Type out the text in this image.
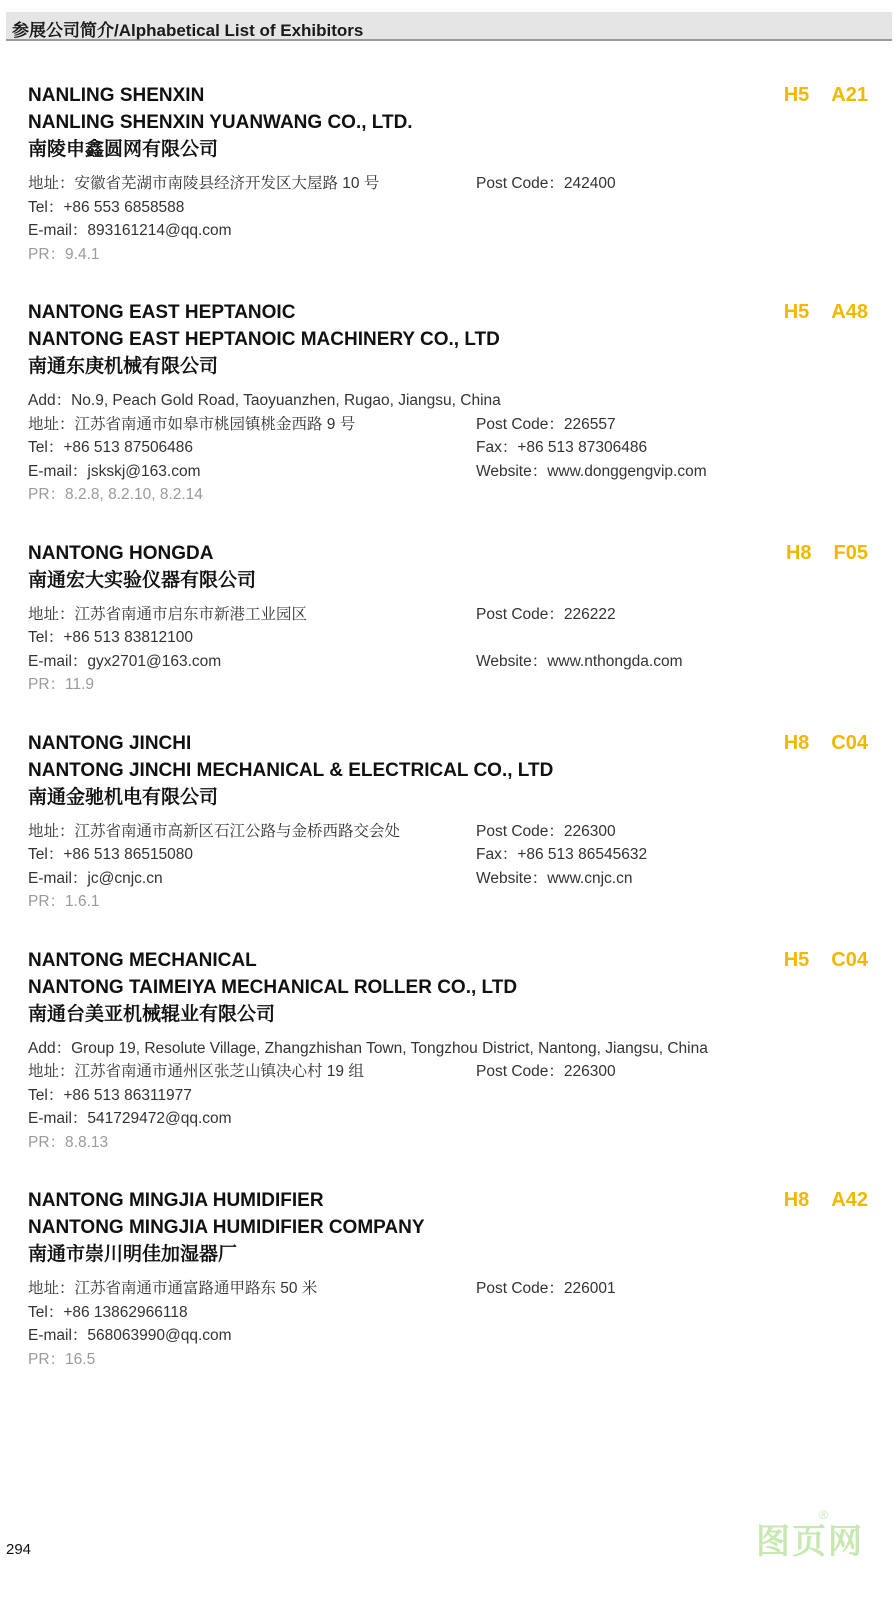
参展公司简介/Alphabetical List of Exhibitors
NANLING SHENXIN
NANLING SHENXIN YUANWANG CO., LTD.
南陵申鑫圆网有限公司
H5 A21
地址：安徽省芜湖市南陵县经济开发区大屋路 10 号	Post Code：242400
Tel：+86 553 6858588
E-mail：893161214@qq.com
PR：9.4.1
NANTONG EAST HEPTANOIC
NANTONG EAST HEPTANOIC MACHINERY CO., LTD
南通东庚机械有限公司
H5 A48
Add：No.9, Peach Gold Road, Taoyuanzhen, Rugao, Jiangsu, China
地址：江苏省南通市如皋市桃园镇桃金西路 9 号	Post Code：226557
Tel：+86 513 87506486	Fax：+86 513 87306486
E-mail：jskskj@163.com	Website：www.donggengvip.com
PR：8.2.8, 8.2.10, 8.2.14
NANTONG HONGDA
南通宏大实验仪器有限公司
H8 F05
地址：江苏省南通市启东市新港工业园区	Post Code：226222
Tel：+86 513 83812100
E-mail：gyx2701@163.com	Website：www.nthongda.com
PR：11.9
NANTONG JINCHI
NANTONG JINCHI MECHANICAL & ELECTRICAL CO., LTD
南通金驰机电有限公司
H8 C04
地址：江苏省南通市高新区石江公路与金桥西路交会处	Post Code：226300
Tel：+86 513 86515080	Fax：+86 513 86545632
E-mail：jc@cnjc.cn	Website：www.cnjc.cn
PR：1.6.1
NANTONG MECHANICAL
NANTONG TAIMEIYA MECHANICAL ROLLER CO., LTD
南通台美亚机械辊业有限公司
H5 C04
Add：Group 19, Resolute Village, Zhangzhishan Town, Tongzhou District, Nantong, Jiangsu, China
地址：江苏省南通市通州区张芝山镇决心村 19 组	Post Code：226300
Tel：+86 513 86311977
E-mail：541729472@qq.com
PR：8.8.13
NANTONG MINGJIA HUMIDIFIER
NANTONG MINGJIA HUMIDIFIER COMPANY
南通市崇川明佳加湿器厂
H8 A42
地址：江苏省南通市通富路通甲路东 50 米	Post Code：226001
Tel：+86 13862966118
E-mail：568063990@qq.com
PR：16.5
294	图页网
®
